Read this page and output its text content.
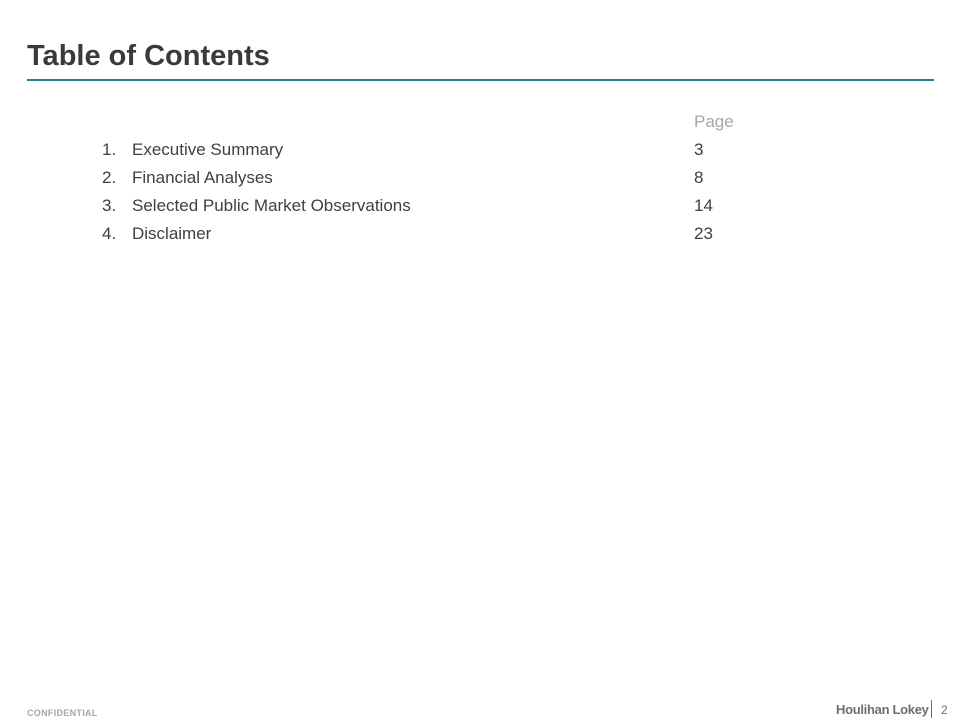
Table of Contents
Page
1. Executive Summary	3
2. Financial Analyses	8
3. Selected Public Market Observations	14
4. Disclaimer	23
CONFIDENTIAL	Houlihan Lokey 2
